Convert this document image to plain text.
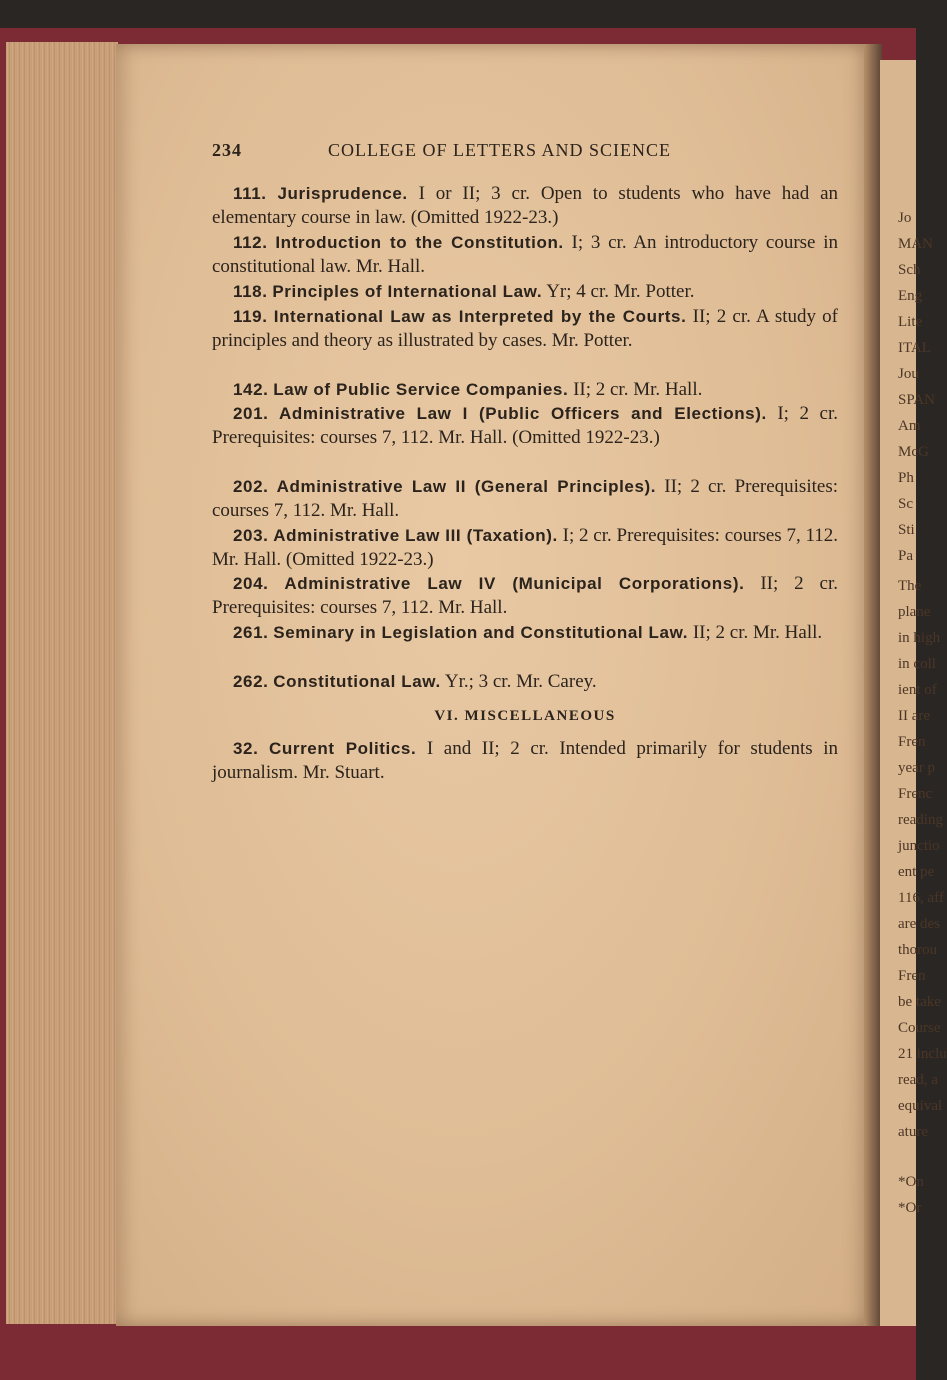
Jo
MAN
Sch
Eng
Lite
ITAL
Jou
SPAN
Am
McG
Ph
Sc
Sti
Pa
The
plane
in high
in coll
ient of
II are
Fren
year p
Frenc
reading
junctio
ent pe
116, aff
are des
thorou
Fren
be take
Course
21 inclu
read, a
equival
ature
*On
*Or
234	COLLEGE OF LETTERS AND SCIENCE
111. Jurisprudence. I or II; 3 cr. Open to students who have had an elementary course in law. (Omitted 1922-23.)
112. Introduction to the Constitution. I; 3 cr. An introductory course in constitutional law. Mr. Hall.
118. Principles of International Law. Yr; 4 cr. Mr. Potter.
119. International Law as Interpreted by the Courts. II; 2 cr. A study of principles and theory as illustrated by cases. Mr. Potter.
142. Law of Public Service Companies. II; 2 cr. Mr. Hall.
201. Administrative Law I (Public Officers and Elections). I; 2 cr. Prerequisites: courses 7, 112. Mr. Hall. (Omitted 1922-23.)
202. Administrative Law II (General Principles). II; 2 cr. Prerequisites: courses 7, 112. Mr. Hall.
203. Administrative Law III (Taxation). I; 2 cr. Prerequisites: courses 7, 112. Mr. Hall. (Omitted 1922-23.)
204. Administrative Law IV (Municipal Corporations). II; 2 cr. Prerequisites: courses 7, 112. Mr. Hall.
261. Seminary in Legislation and Constitutional Law. II; 2 cr. Mr. Hall.
262. Constitutional Law. Yr.; 3 cr. Mr. Carey.
VI. MISCELLANEOUS
32. Current Politics. I and II; 2 cr. Intended primarily for students in journalism. Mr. Stuart.
